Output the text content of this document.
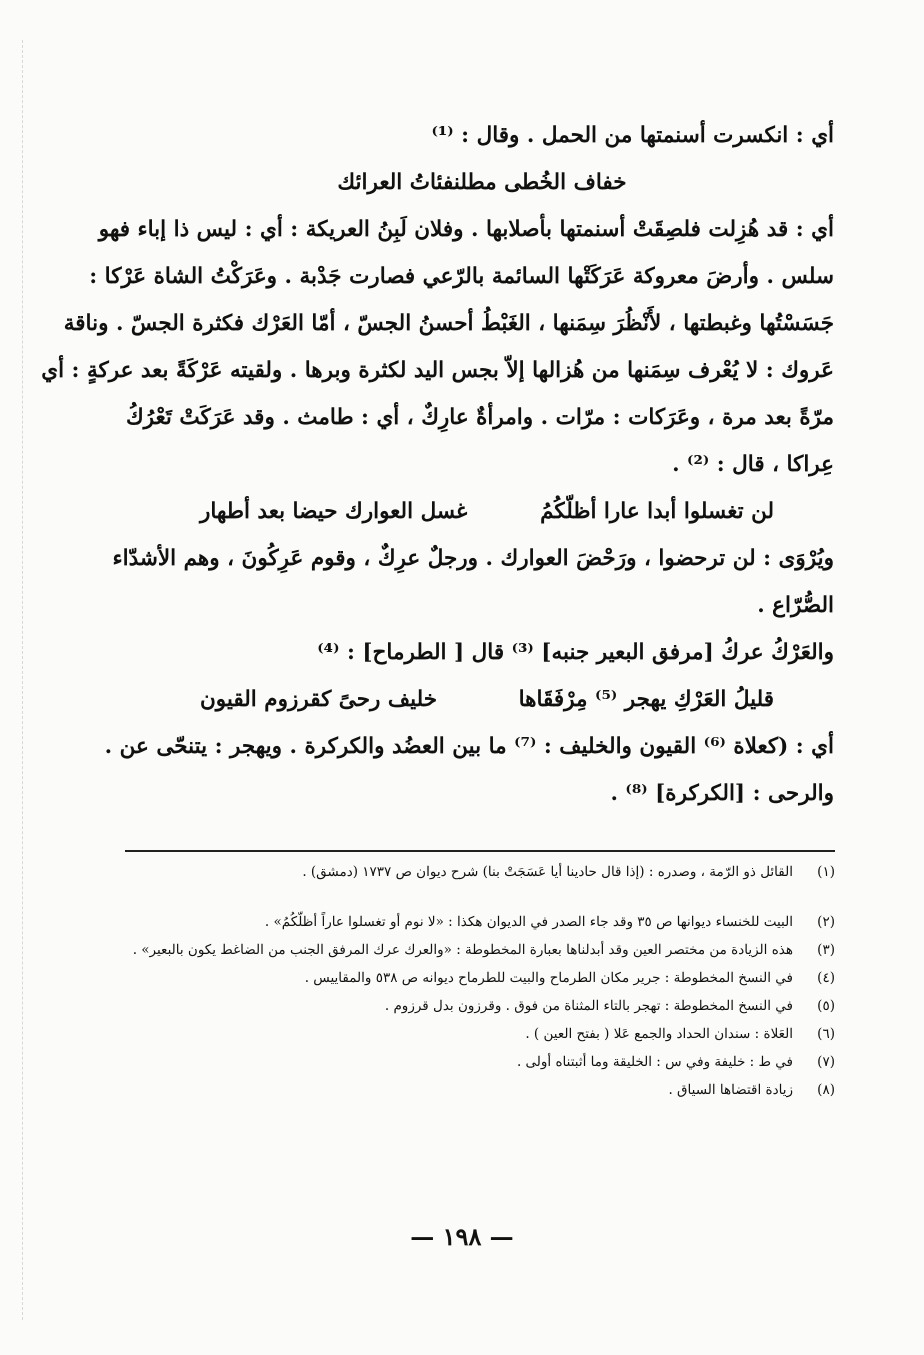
أي : انكسرت أسنمتها من الحمل . وقال : ⁽¹⁾
خفاف الخُطى مطلنفئاتُ العرائك
أي : قد هُزِلت فلصِقَتْ أسنمتها بأصلابها . وفلان لَبِنُ العريكة : أي : ليس ذا إباء فهو
سلس . وأرضَ معروكة عَرَكَتْها السائمة بالرّعي فصارت جَدْبة . وعَرَكْتُ الشاة عَرْكا :
جَسَسْتُها وغبطتها ، لأَنْظُرَ سِمَنها ، الغَبْطُ أحسنُ الجسّ ، أمّا العَرْك فكثرة الجسّ . وناقة
عَروك : لا يُعْرف سِمَنها من هُزالها إلاّ بجس اليد لكثرة وبرها . ولقيته عَرْكَةً بعد عركةٍ : أي
مرّةً بعد مرة ، وعَرَكات : مرّات . وامرأةٌ عارِكٌ ، أي : طامث . وقد عَرَكَتْ تَعْرُكُ
عِراكا ، قال : ⁽²⁾ .
لن تغسلوا أبدا عارا أظلّكُمُ
غسل العوارك حيضا بعد أطهار
ويُرْوَى : لن ترحضوا ، ورَحْضَ العوارك . ورجلٌ عرِكٌ ، وقوم عَرِكُونَ ، وهم الأشدّاء
الصُّرّاع .
والعَرْكُ عركُ [مرفق البعير جنبه] ⁽³⁾ قال [ الطرماح] : ⁽⁴⁾
قليلُ العَرْكِ يهجر ⁽⁵⁾ مِرْفَقَاها
خليف رحىً كقرزوم القيون
أي : (كعلاة ⁽⁶⁾ القيون والخليف : ⁽⁷⁾ ما بين العضُد والكركرة . ويهجر : يتنحّى عن .
والرحى : [الكركرة] ⁽⁸⁾ .
(١)
القائل ذو الرّمة ، وصدره : (إذا قال حادينا أيا عَسَجَتْ بنا) شرح ديوان ص ١٧٣٧ (دمشق) .
(٢)
البيت للخنساء ديوانها ص ٣٥ وقد جاء الصدر في الديوان هكذا : «لا نوم أو تغسلوا عاراً أظلّكُمُ» .
(٣)
هذه الزيادة من مختصر العين وقد أبدلناها بعبارة المخطوطة : «والعرك عرك المرفق الجنب من الضاغط يكون بالبعير» .
(٤)
في النسخ المخطوطة : جرير مكان الطرماح والبيت للطرماح ديوانه ص ٥٣٨ والمقاييس .
(٥)
في النسخ المخطوطة : تهجر بالتاء المثناة من فوق . وقرزون بدل قرزوم .
(٦)
العَلاة : سندان الحداد والجمع عَلا ( بفتح العين ) .
(٧)
في ط : خليفة وفي س : الخليقة وما أثبتناه أولى .
(٨)
زيادة اقتضاها السياق .
— ١٩٨ —
